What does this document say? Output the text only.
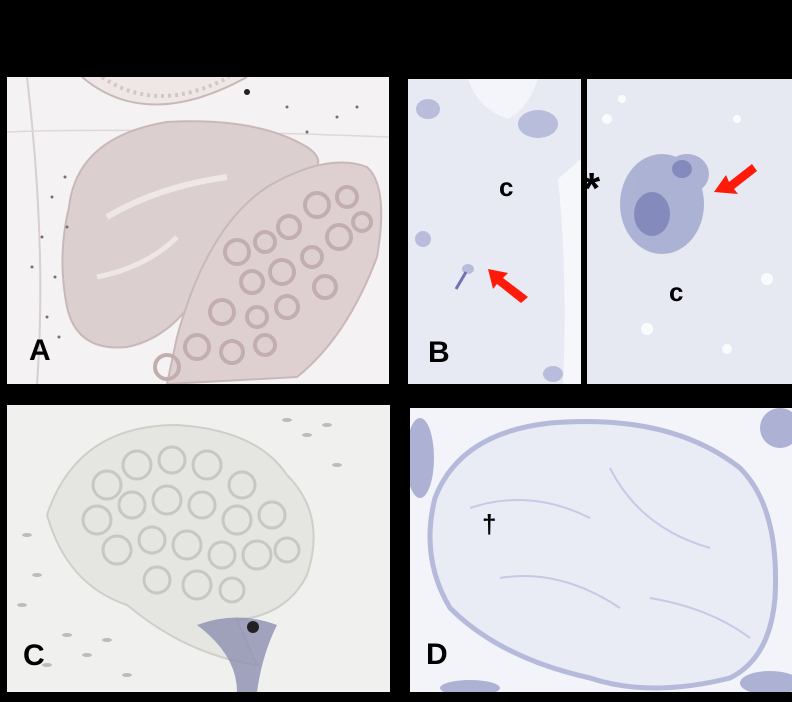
A
c
B
c
*
C
†
D
